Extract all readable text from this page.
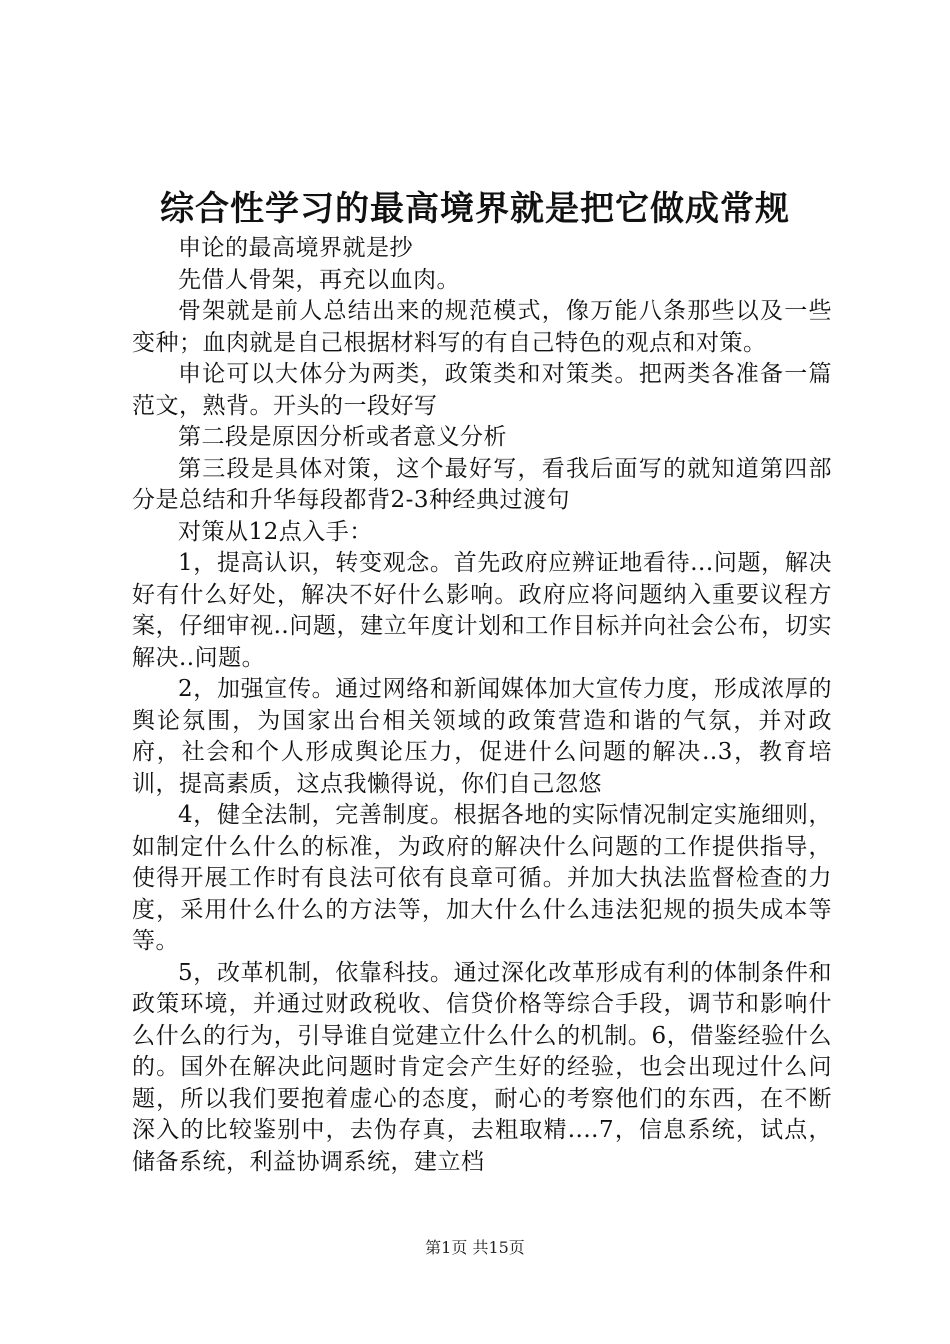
综合性学习的最高境界就是把它做成常规

申论的最高境界就是抄

先借人骨架，再充以血肉。

骨架就是前人总结出来的规范模式，像万能八条那些以及一些变种；血肉就是自己根据材料写的有自己特色的观点和对策。

申论可以大体分为两类，政策类和对策类。把两类各准备一篇范文，熟背。开头的一段好写

第二段是原因分析或者意义分析

第三段是具体对策，这个最好写，看我后面写的就知道第四部分是总结和升华每段都背2-3种经典过渡句

对策从12点入手：

1，提高认识，转变观念。首先政府应辨证地看待...问题，解决好有什么好处，解决不好什么影响。政府应将问题纳入重要议程方案，仔细审视..问题，建立年度计划和工作目标并向社会公布，切实解决..问题。

2，加强宣传。通过网络和新闻媒体加大宣传力度，形成浓厚的舆论氛围，为国家出台相关领域的政策营造和谐的气氛，并对政府，社会和个人形成舆论压力，促进什么问题的解决..3，教育培训，提高素质，这点我懒得说，你们自己忽悠

4，健全法制，完善制度。根据各地的实际情况制定实施细则，如制定什么什么的标准，为政府的解决什么问题的工作提供指导，使得开展工作时有良法可依有良章可循。并加大执法监督检查的力度，采用什么什么的方法等，加大什么什么违法犯规的损失成本等等。

5，改革机制，依靠科技。通过深化改革形成有利的体制条件和政策环境，并通过财政税收、信贷价格等综合手段，调节和影响什么什么的行为，引导谁自觉建立什么什么的机制。6，借鉴经验什么的。国外在解决此问题时肯定会产生好的经验，也会出现过什么问题，所以我们要抱着虚心的态度，耐心的考察他们的东西，在不断深入的比较鉴别中，去伪存真，去粗取精....7，信息系统，试点，储备系统，利益协调系统，建立档

第1页 共15页
